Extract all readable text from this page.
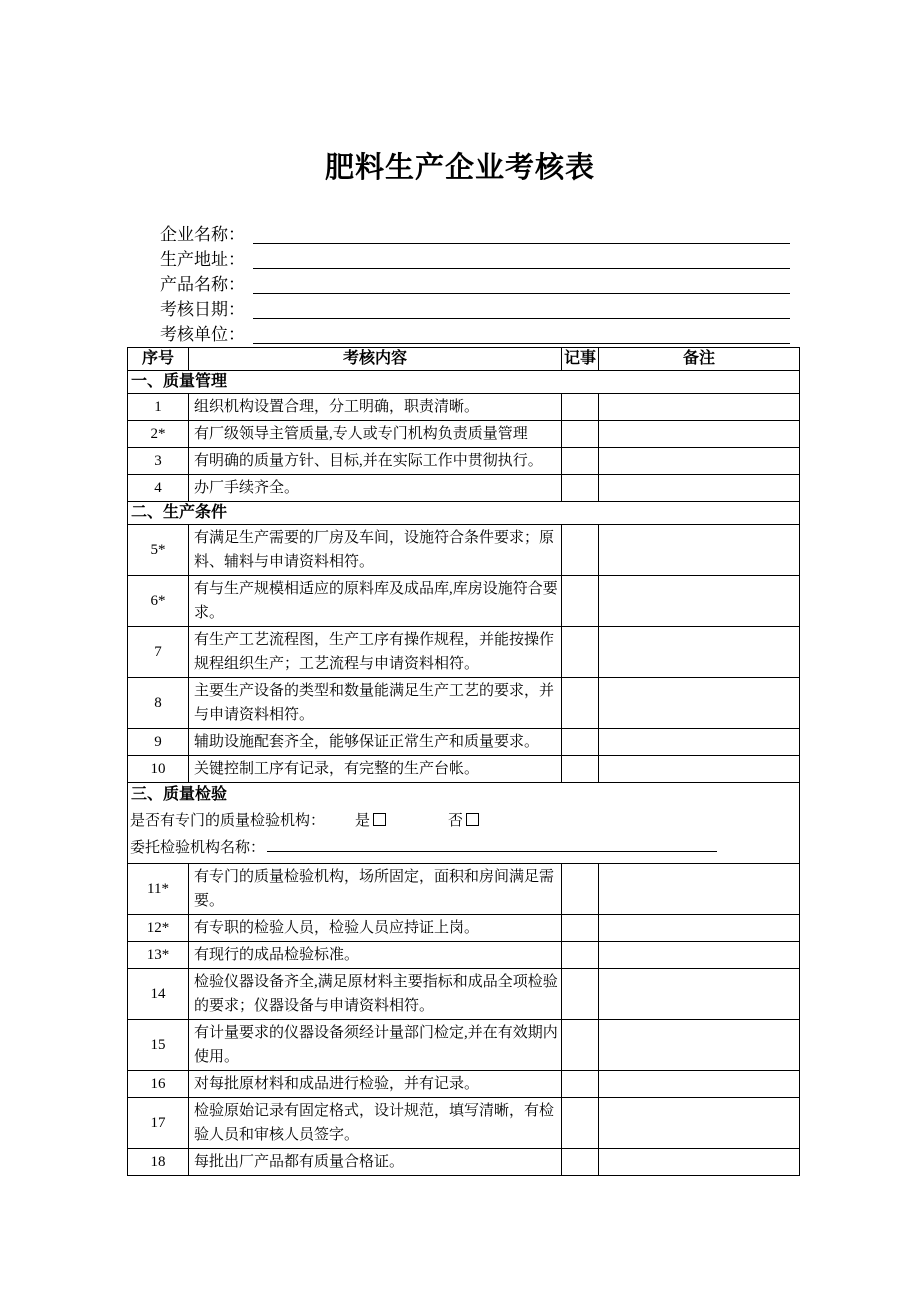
肥料生产企业考核表
企业名称：
生产地址：
产品名称：
考核日期：
考核单位：
序号	考核内容	记事	备注
一、质量管理			
1	组织机构设置合理，分工明确，职责清晰。		
2*	有厂级领导主管质量,专人或专门机构负责质量管理		
3	有明确的质量方针、目标,并在实际工作中贯彻执行。		
4	办厂手续齐全。		
二、生产条件			
5*	有满足生产需要的厂房及车间，设施符合条件要求；原料、辅料与申请资料相符。		
6*	有与生产规模相适应的原料库及成品库,库房设施符合要求。		
7	有生产工艺流程图，生产工序有操作规程，并能按操作规程组织生产；工艺流程与申请资料相符。		
8	主要生产设备的类型和数量能满足生产工艺的要求，并与申请资料相符。		
9	辅助设施配套齐全，能够保证正常生产和质量要求。		
10	关键控制工序有记录，有完整的生产台帐。		

三、质量检验
是否有专门的质量检验机构： 是 否
委托检验机构名称：			

11*	有专门的质量检验机构，场所固定，面积和房间满足需要。		
12*	有专职的检验人员，检验人员应持证上岗。		
13*	有现行的成品检验标准。		
14	检验仪器设备齐全,满足原材料主要指标和成品全项检验的要求；仪器设备与申请资料相符。		
15	有计量要求的仪器设备须经计量部门检定,并在有效期内使用。		
16	对每批原材料和成品进行检验，并有记录。		
17	检验原始记录有固定格式，设计规范，填写清晰，有检验人员和审核人员签字。		
18	每批出厂产品都有质量合格证。		
